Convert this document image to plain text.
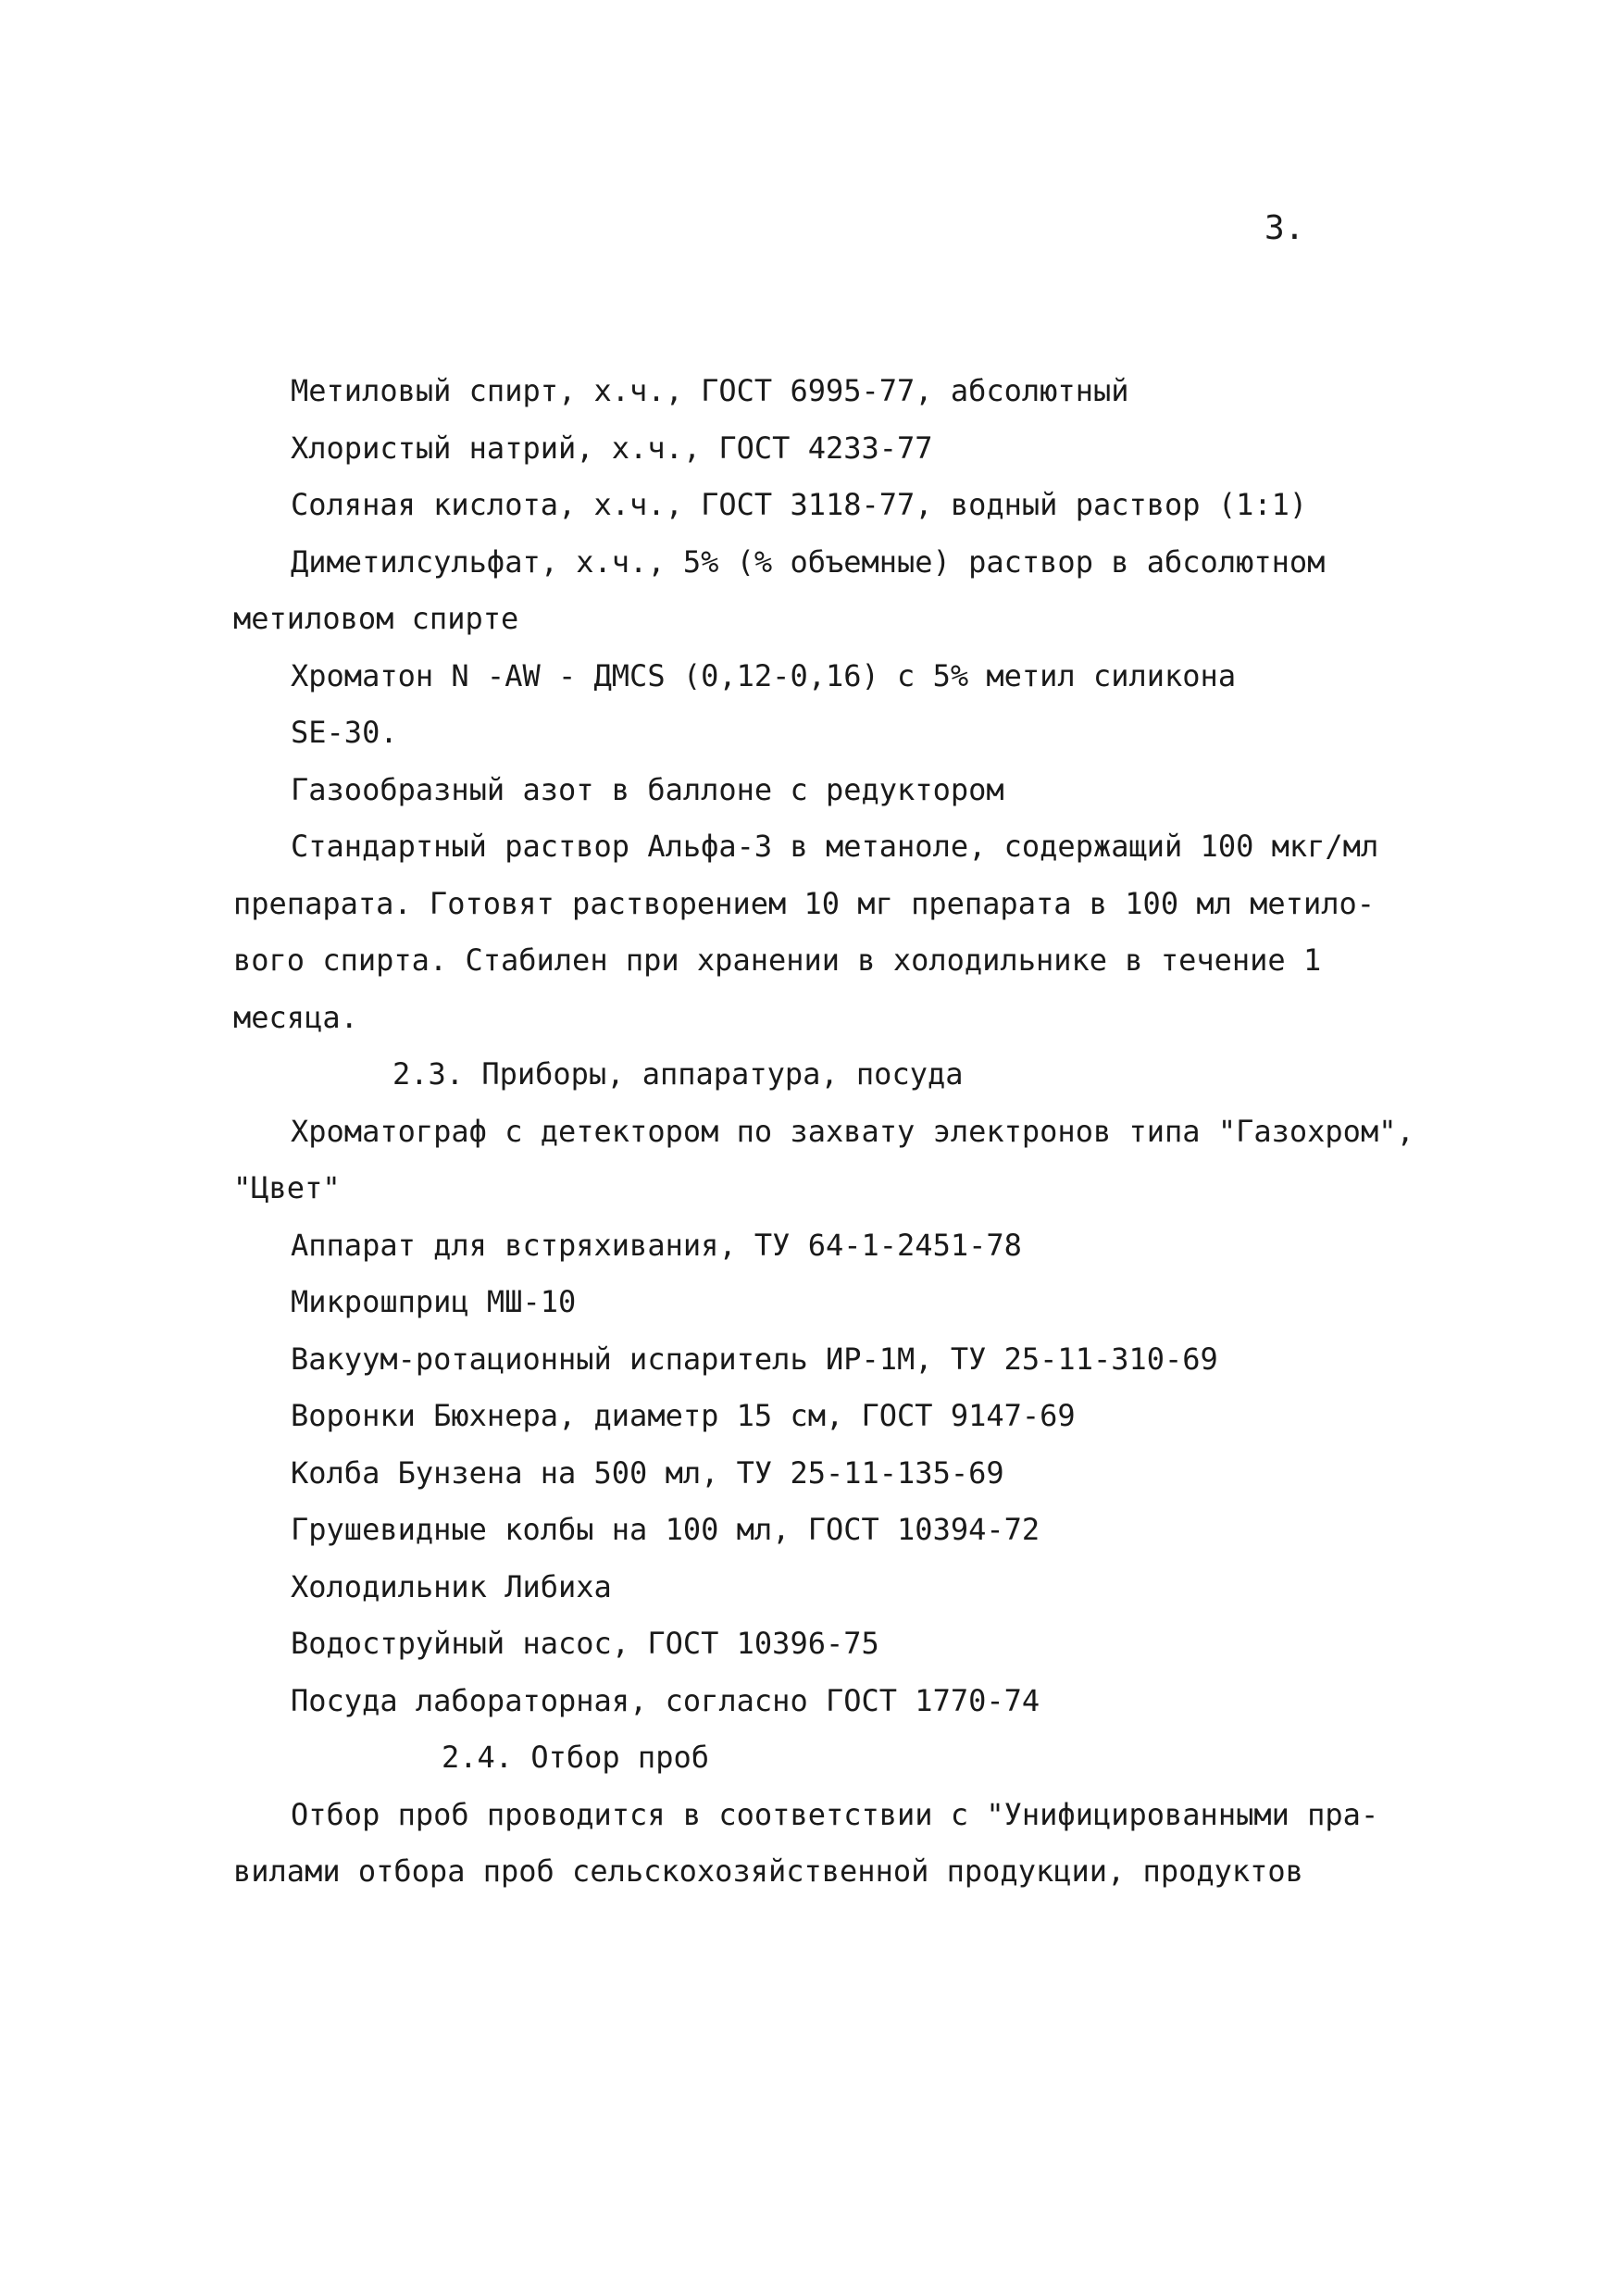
3.
Метиловый спирт, х.ч., ГОСТ 6995-77, абсолютный
Хлористый натрий, х.ч., ГОСТ 4233-77
Соляная кислота, х.ч., ГОСТ 3118-77, водный раствор (1:1)
Диметилсульфат, х.ч., 5% (% объемные) раствор в абсолютном
метиловом спирте
Хроматон N -AW - ДМCS (0,12-0,16) с 5% метил силикона
SE-30.
Газообразный азот в баллоне с редуктором
Стандартный раствор Альфа-3 в метаноле, содержащий 100 мкг/мл
препарата. Готовят растворением 10 мг препарата в 100 мл метило-
вого спирта. Стабилен при хранении в холодильнике в течение 1
месяца.
2.3. Приборы, аппаратура, посуда
Хроматограф с детектором по захвату электронов типа "Газохром",
"Цвет"
Аппарат для встряхивания, ТУ 64-1-2451-78
Микрошприц МШ-10
Вакуум-ротационный испаритель ИР-1М, ТУ 25-11-310-69
Воронки Бюхнера, диаметр 15 см, ГОСТ 9147-69
Колба Бунзена на 500 мл, ТУ 25-11-135-69
Грушевидные колбы на 100 мл, ГОСТ 10394-72
Холодильник Либиха
Водоструйный насос, ГОСТ 10396-75
Посуда лабораторная, согласно ГОСТ 1770-74
2.4. Отбор проб
Отбор проб проводится в соответствии с "Унифицированными пра-
вилами отбора проб сельскохозяйственной продукции, продуктов
